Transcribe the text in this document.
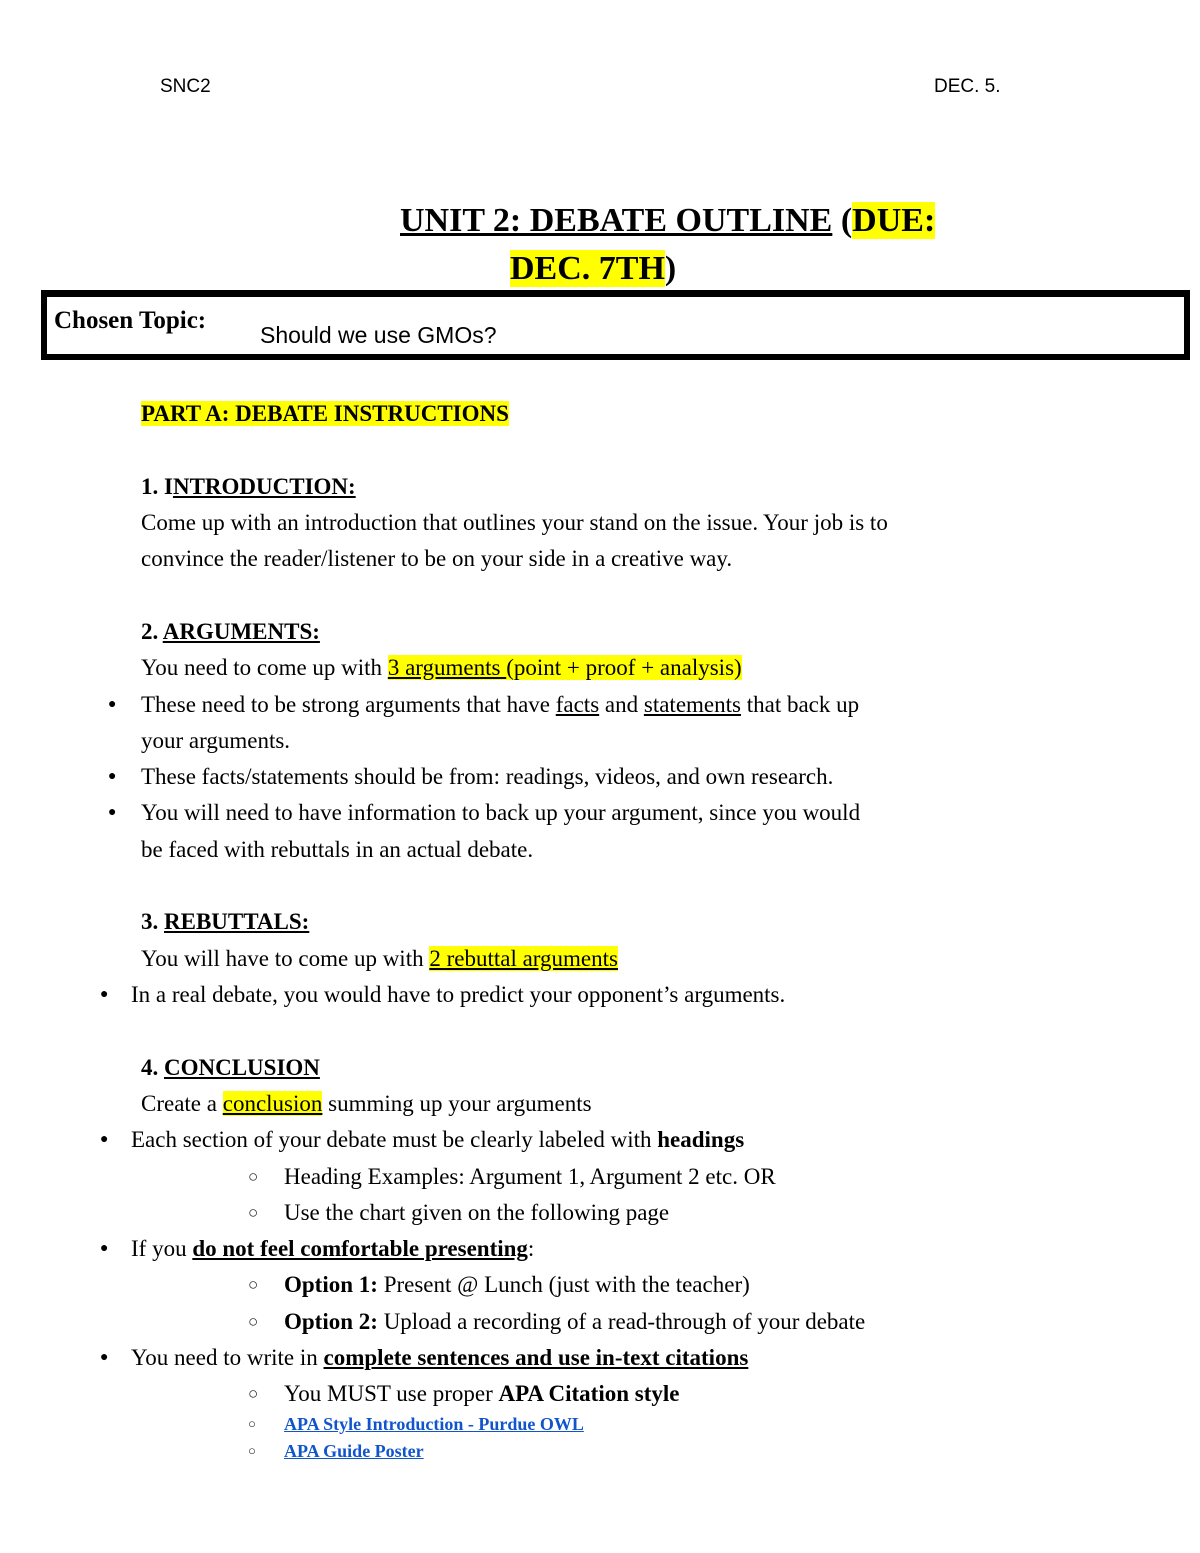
SNC2	DEC. 5.
UNIT 2: DEBATE OUTLINE (DUE:
DEC. 7TH)
Chosen Topic:
Should we use GMOs?
PART A: DEBATE INSTRUCTIONS
1. INTRODUCTION:
Come up with an introduction that outlines your stand on the issue. Your job is to
convince the reader/listener to be on your side in a creative way.
2. ARGUMENTS:
You need to come up with 3 arguments (point + proof + analysis)
● These need to be strong arguments that have facts and statements that back up
your arguments.
● These facts/statements should be from: readings, videos, and own research.
● You will need to have information to back up your argument, since you would
be faced with rebuttals in an actual debate.
3. REBUTTALS:
You will have to come up with 2 rebuttal arguments
● In a real debate, you would have to predict your opponent’s arguments.
4. CONCLUSION
Create a conclusion summing up your arguments
● Each section of your debate must be clearly labeled with headings
○ Heading Examples: Argument 1, Argument 2 etc. OR
○ Use the chart given on the following page
● If you do not feel comfortable presenting:
○ Option 1: Present @ Lunch (just with the teacher)
○ Option 2: Upload a recording of a read-through of your debate
● You need to write in complete sentences and use in-text citations
○ You MUST use proper APA Citation style
○ APA Style Introduction - Purdue OWL
○ APA Guide Poster
